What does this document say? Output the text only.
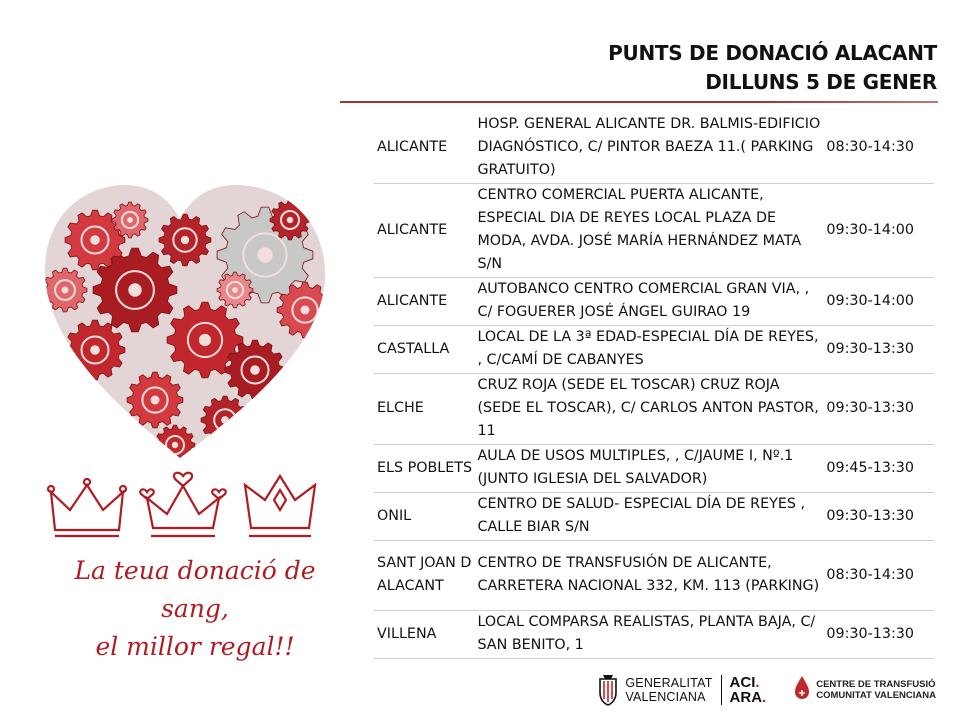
PUNTS DE DONACIÓ ALACANT
DILLUNS 5 DE GENER
ALICANTE	HOSP. GENERAL ALICANTE DR. BALMIS-EDIFICIO DIAGNÓSTICO, C/ PINTOR BAEZA 11.( PARKING GRATUITO)	08:30-14:30
ALICANTE	CENTRO COMERCIAL PUERTA ALICANTE, ESPECIAL DIA DE REYES LOCAL PLAZA DE MODA, AVDA. JOSÉ MARÍA HERNÁNDEZ MATA S/N	09:30-14:00
ALICANTE	AUTOBANCO CENTRO COMERCIAL GRAN VIA, , C/ FOGUERER JOSÉ ÁNGEL GUIRAO 19	09:30-14:00
CASTALLA	LOCAL DE LA 3ª EDAD-ESPECIAL DÍA DE REYES, , C/CAMÍ DE CABANYES	09:30-13:30
ELCHE	CRUZ ROJA (SEDE EL TOSCAR) CRUZ ROJA (SEDE EL TOSCAR), C/ CARLOS ANTON PASTOR, 11	09:30-13:30
ELS POBLETS	AULA DE USOS MULTIPLES, , C/JAUME I, Nº.1 (JUNTO IGLESIA DEL SALVADOR)	09:45-13:30
ONIL	CENTRO DE SALUD- ESPECIAL DÍA DE REYES , CALLE BIAR S/N	09:30-13:30
SANT JOAN D ALACANT	CENTRO DE TRANSFUSIÓN DE ALICANTE, CARRETERA NACIONAL 332, KM. 113 (PARKING)	08:30-14:30
VILLENA	LOCAL COMPARSA REALISTAS, PLANTA BAJA, C/ SAN BENITO, 1	09:30-13:30
La teua donació de sang,
el millor regal!!
GENERALITAT
VALENCIANA
ACI.
ARA.
CENTRE DE TRANSFUSIÓ
COMUNITAT VALENCIANA
